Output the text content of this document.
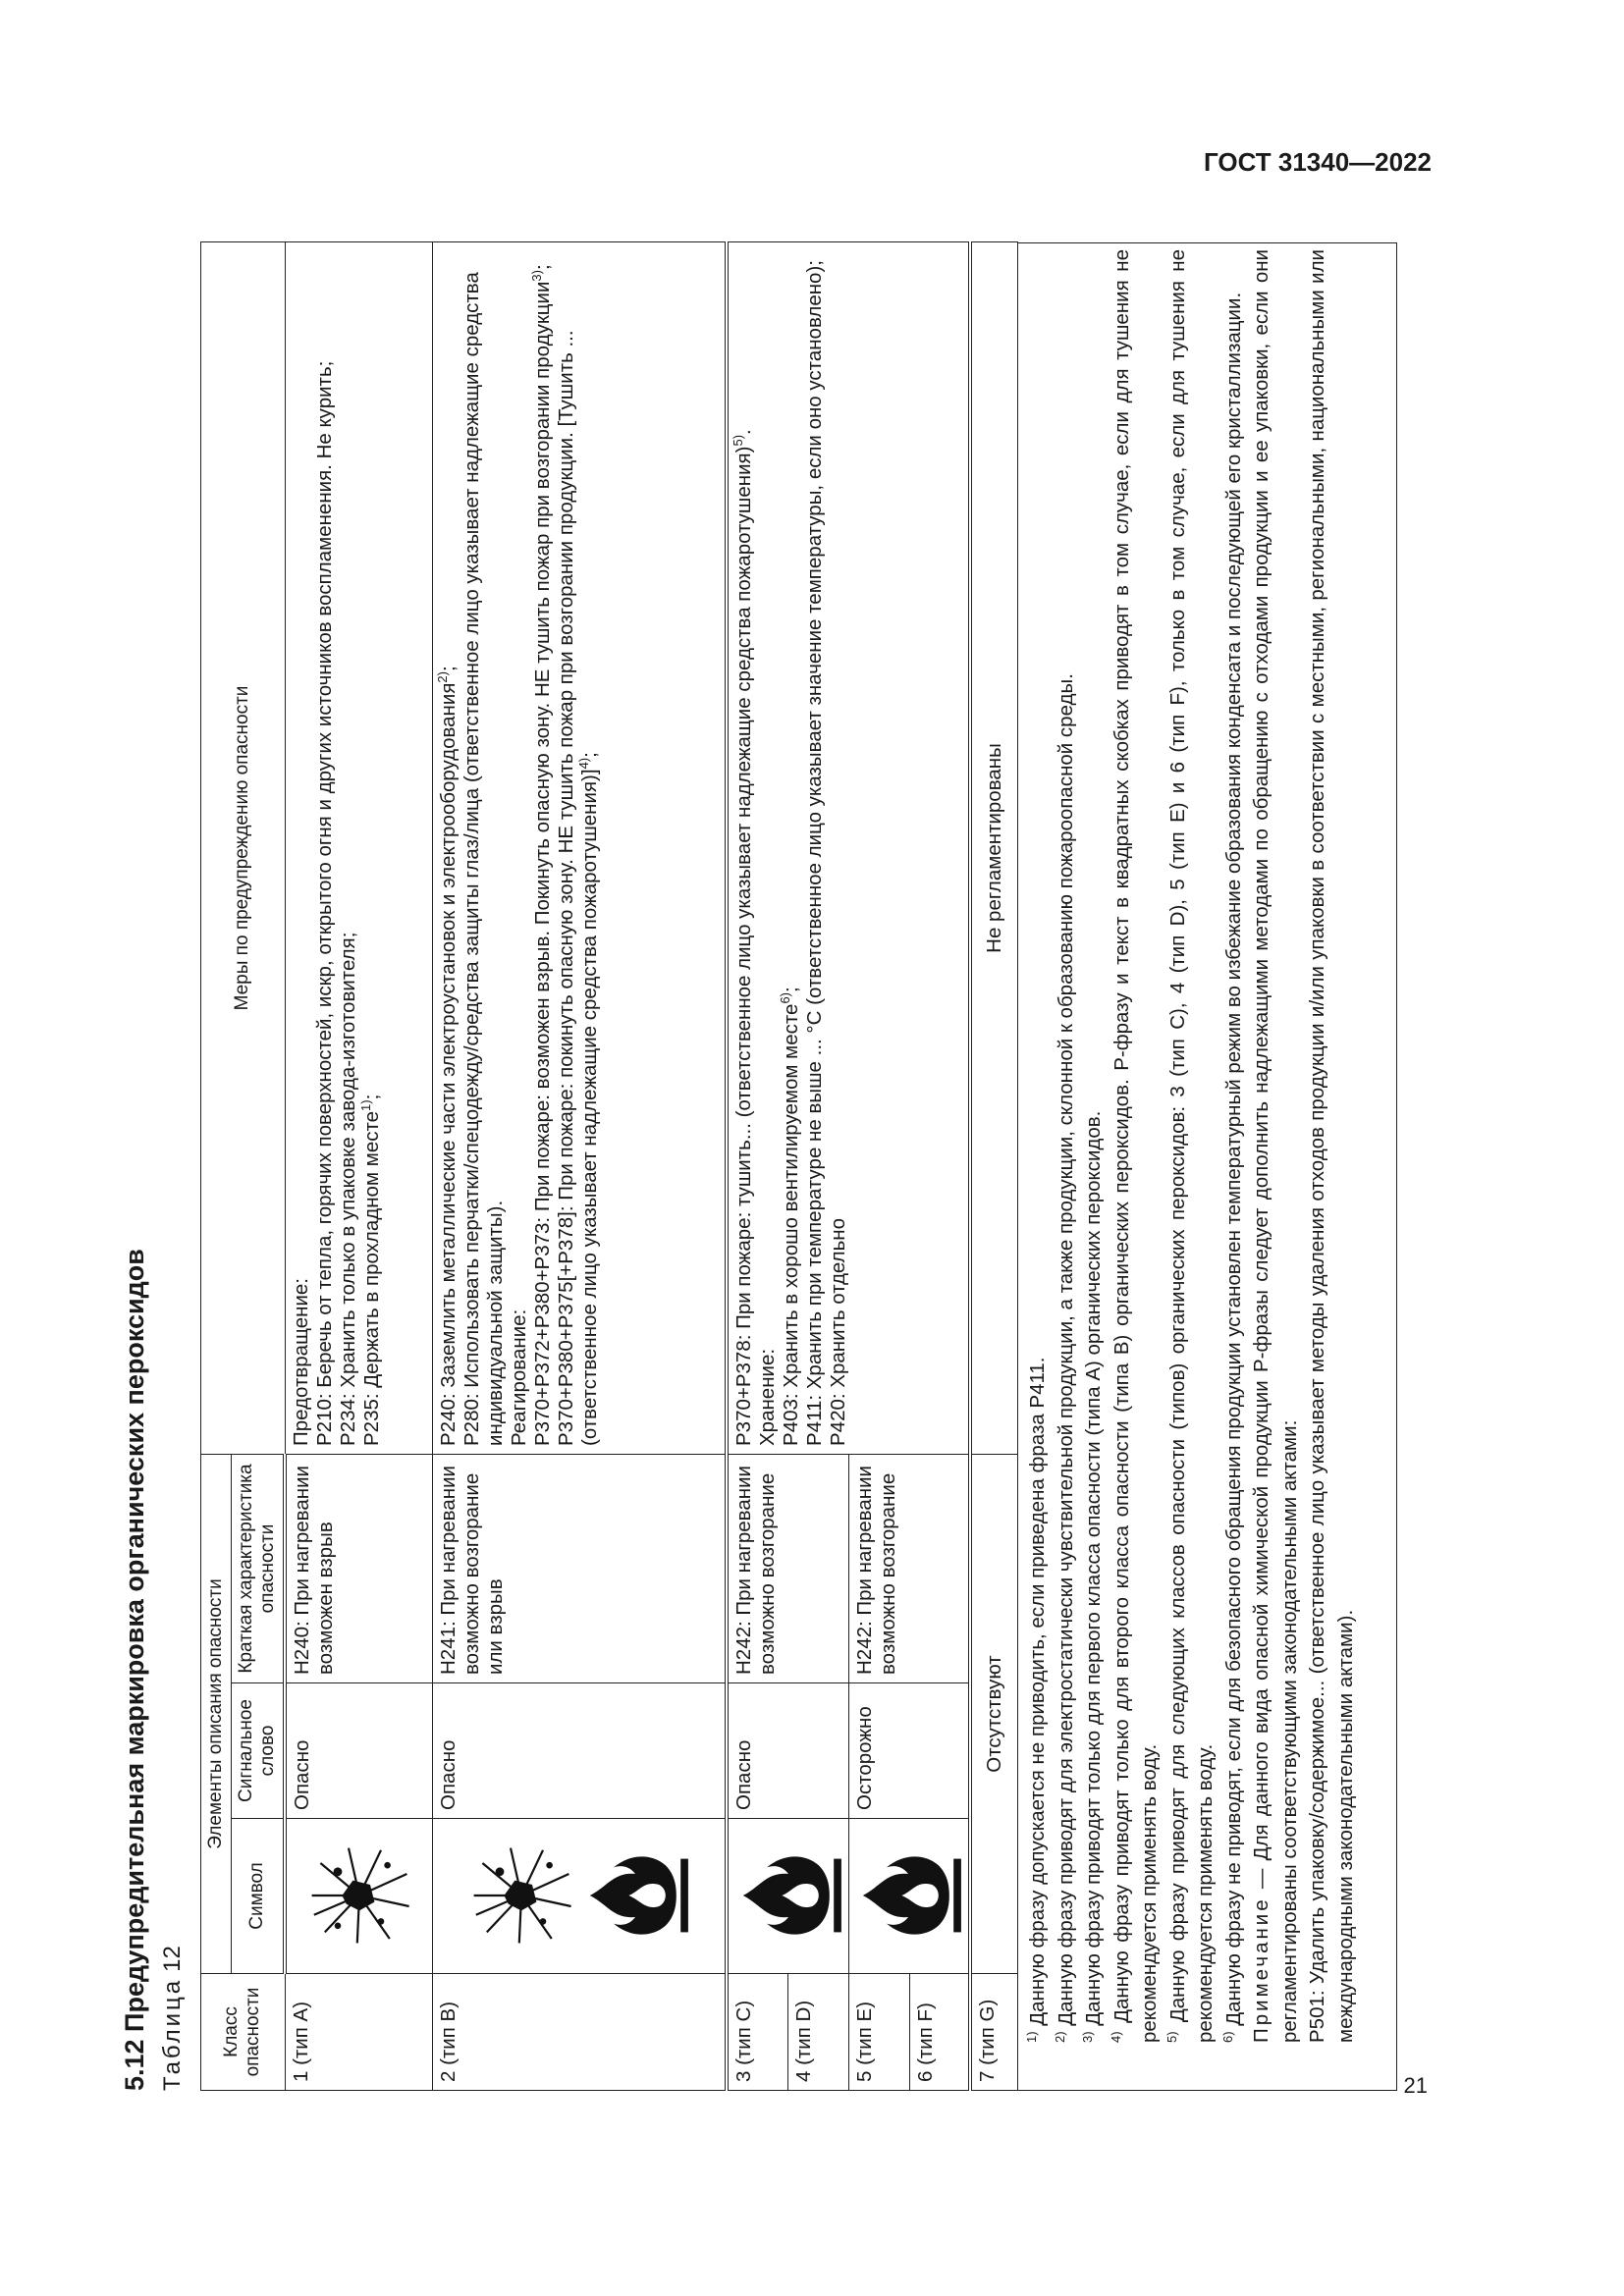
ГОСТ 31340—2022
21
5.12 Предупредительная маркировка органических пероксидов Таблица12
Класс опасности	Элементы описания опасности			Меры по предупреждению опасности
	Символ	Сигнальное слово	Краткая характеристика опасности	
1 (тип A)		Опасно	H240: При нагревании возможен взрыв	Предотвращение: P210: Беречь от тепла, горячих поверхностей, искр, открытого огня и других источников воспламенения. Не курить; P234: Хранить только в упаковке завода-изготовителя; P235: Держать в прохладном месте$^{1)}$;

2 (тип B)		Опасно	H241: При нагревании возможно возгорание или взрыв	P240: Заземлить металлические части электроустановок и электрооборудования$^{2)}$; P280: Использовать перчатки/спецодежду/средства защиты глаз/лица (ответственное лицо указывает надлежащие средства индивидуальной защиты). Реагирование: P370+P372+P380+P373: При пожаре: возможен взрыв. Покинуть опасную зону. НЕ тушить пожар при возгорании продукции$^{3)}$;
P370+P380+P375[+P378]: При пожаре: покинуть опасную зону. НЕ тушить пожар при возгорании продукции. [Тушить ... (ответственное лицо указывает надлежащие средства пожаротушения)]$^{4)}$;

3 (тип C)		Опасно	H242: При нагревании возможно возгорание	P370+P378: При пожаре: тушить... (ответственное лицо указывает надлежащие средства пожаротушения)$^{5)}$.
Хранение: P403: Хранить в хорошо вентилируемом месте$^{6)}$; P411: Хранить при температуре не выше ... °С (ответственное лицо указывает значение температуры, если оно установлено); P420: Хранить отдельно

4 (тип D)				
5 (тип E)		Осторожно	H242: При нагревании возможно возгорание	
6 (тип F)				
7 (тип G)	Отсутствуют			Не регламентированы

$^{1)}$ Данную фразу допускается не приводить, если приведена фраза P411.

$^{2)}$ Данную фразу приводят для электростатически чувствительной продукции, а также продукции, склонной к образованию пожароопасной среды.

$^{3)}$ Данную фразу приводят только для первого класса опасности (типа A) органических пероксидов.

$^{4)}$ Данную фразу приводят только для второго класса опасности (типа B) органических пероксидов. P-фразу и текст в квадратных скобках приводят в том случае, если для тушения не рекомендуется применять воду. $^{5)}$ Данную фразу приводят для следующих классов опасности (типов) органических пероксидов: 3 (тип C), 4 (тип D), 5 (тип E) и 6 (тип F), только в том случае, если для тушения не рекомендуется применять воду. $^{6)}$ Данную фразу не приводят, если для безопасного обращения продукции установлен температурный режим во избежание образования конденсата и последующей его кристаллизации. Примечание — Для данного вида опасной химической продукции P-фразы следует дополнить надлежащими методами по обращению с отходами продукции и ее упаковки, если они регламентированы соответствующими законодательными актами: P501: Удалить упаковку/содержимое... (ответственное лицо указывает методы удаления отходов продукции и/или упаковки в соответствии с местными, региональными, национальными или международными законодательными актами).
